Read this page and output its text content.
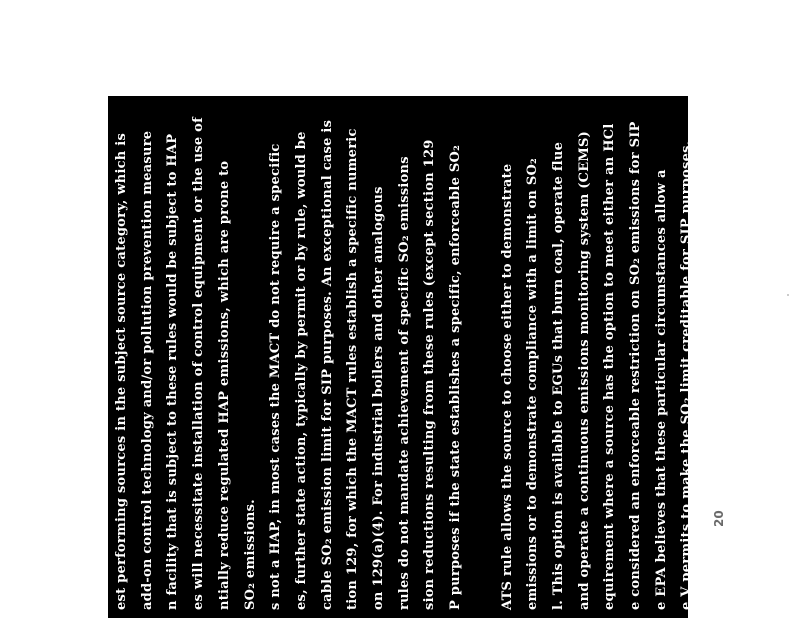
est performing sources in the subject source category, which is add-on control technology and/or pollution prevention measure n facility that is subject to these rules would be subject to HAP es will necessitate installation of control equipment or the use of ntially reduce regulated HAP emissions, which are prone to SO₂ emissions. s not a HAP, in most cases the MACT do not require a specific es, further state action, typically by permit or by rule, would be cable SO₂ emission limit for SIP purposes. An exceptional case is tion 129, for which the MACT rules establish a specific numeric on 129(a)(4). For industrial boilers and other analogous rules do not mandate achievement of specific SO₂ emissions sion reductions resulting from these rules (except section 129 P purposes if the state establishes a specific, enforceable SO₂	ATS rule allows the source to choose either to demonstrate emissions or to demonstrate compliance with a limit on SO₂ l. This option is available to EGUs that burn coal, operate flue and operate a continuous emissions monitoring system (CEMS) equirement where a source has the option to meet either an HCl e considered an enforceable restriction on SO₂ emissions for SIP e EPA believes that these particular circumstances allow a e V permits to make the SO₂ limit creditable for SIP purposes.	20
